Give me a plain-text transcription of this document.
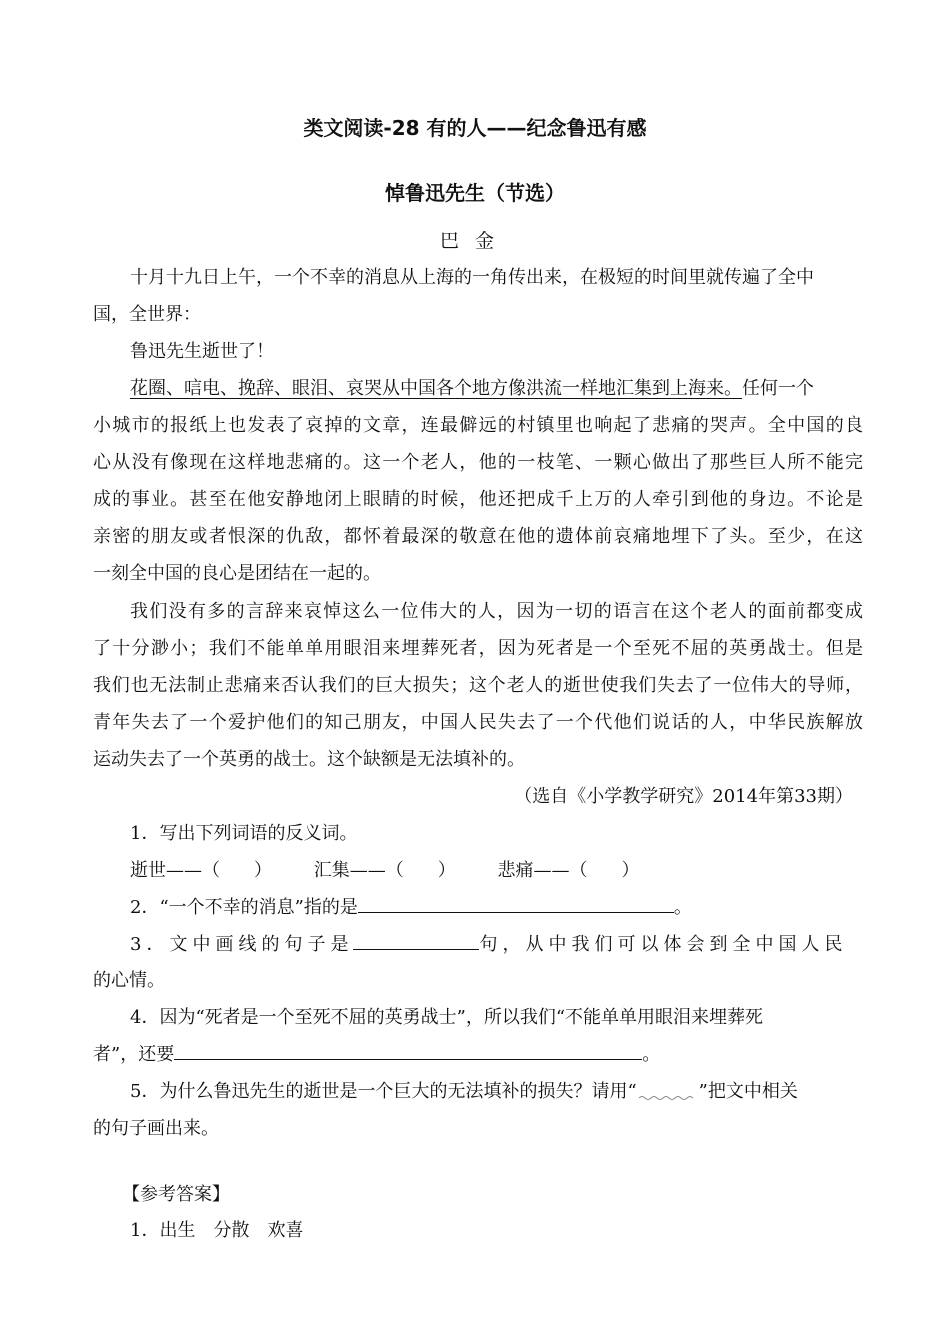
类文阅读-28 有的人——纪念鲁迅有感
悼鲁迅先生（节选）
巴金
十月十九日上午，一个不幸的消息从上海的一角传出来，在极短的时间里就传遍了全中
国，全世界：
鲁迅先生逝世了！
花圈、唁电、挽辞、眼泪、哀哭从中国各个地方像洪流一样地汇集到上海来。任何一个
小城市的报纸上也发表了哀掉的文章，连最僻远的村镇里也响起了悲痛的哭声。全中国的良
心从没有像现在这样地悲痛的。这一个老人，他的一枝笔、一颗心做出了那些巨人所不能完
成的事业。甚至在他安静地闭上眼睛的时候，他还把成千上万的人牵引到他的身边。不论是
亲密的朋友或者恨深的仇敌，都怀着最深的敬意在他的遗体前哀痛地埋下了头。至少，在这
一刻全中国的良心是团结在一起的。
我们没有多的言辞来哀悼这么一位伟大的人，因为一切的语言在这个老人的面前都变成
了十分渺小；我们不能单单用眼泪来埋葬死者，因为死者是一个至死不屈的英勇战士。但是
我们也无法制止悲痛来否认我们的巨大损失；这个老人的逝世使我们失去了一位伟大的导师，
青年失去了一个爱护他们的知己朋友，中国人民失去了一个代他们说话的人，中华民族解放
运动失去了一个英勇的战士。这个缺额是无法填补的。
（选自《小学教学研究》2014年第33期）
1．写出下列词语的反义词。
逝世——（ ） 汇集——（ ） 悲痛——（ ）
2．“一个不幸的消息”指的是	。
3．文中画线的句子是	句，从中我们可以体会到全中国人民
的心情。
4．因为“死者是一个至死不屈的英勇战士”，所以我们“不能单单用眼泪来埋葬死
者”，还要	。
5．为什么鲁迅先生的逝世是一个巨大的无法填补的损失？请用“	”把文中相关
的句子画出来。
【参考答案】
1．出生　分散　欢喜
